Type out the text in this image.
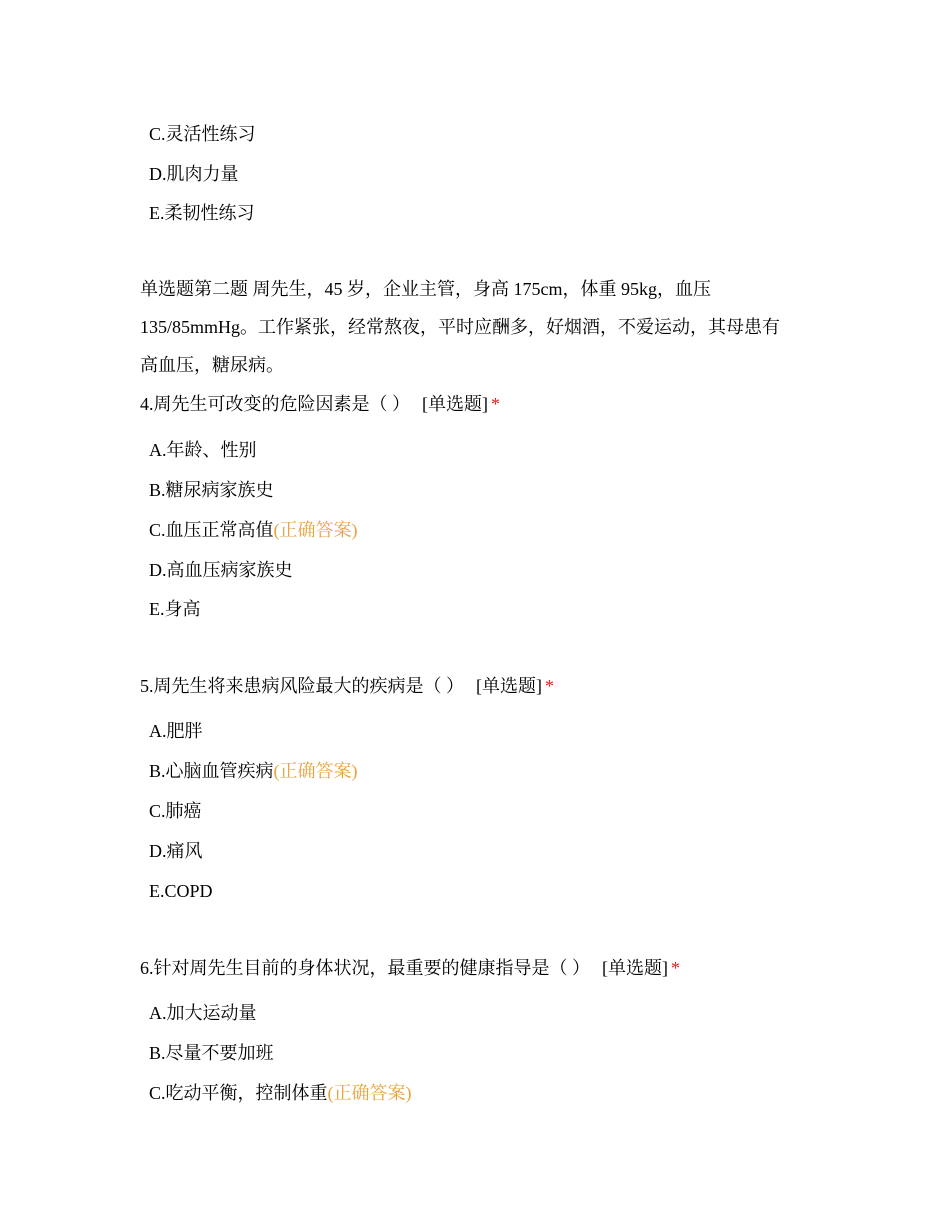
C.灵活性练习
D.肌肉力量
E.柔韧性练习
单选题第二题 周先生，45 岁，企业主管，身高 175cm，体重 95kg，血压
135/85mmHg。工作紧张，经常熬夜，平时应酬多，好烟酒，不爱运动，其母患有
高血压，糖尿病。
4.周先生可改变的危险因素是（ ） [单选题] *
A.年龄、性别
B.糖尿病家族史
C.血压正常高值(正确答案)
D.高血压病家族史
E.身高
5.周先生将来患病风险最大的疾病是（ ） [单选题] *
A.肥胖
B.心脑血管疾病(正确答案)
C.肺癌
D.痛风
E.COPD
6.针对周先生目前的身体状况，最重要的健康指导是（ ） [单选题] *
A.加大运动量
B.尽量不要加班
C.吃动平衡，控制体重(正确答案)
